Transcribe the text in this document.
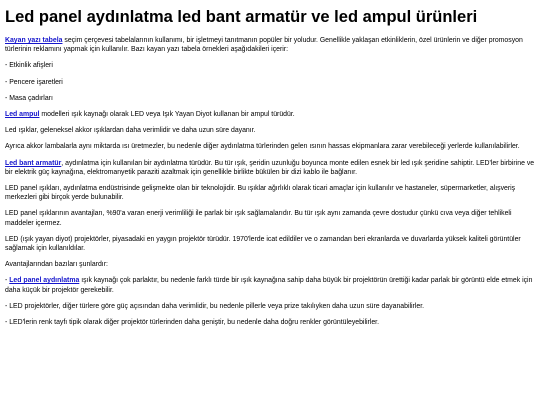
Led panel aydınlatma led bant armatür ve led ampul ürünleri

Kayan yazı tabela seçim çerçevesi tabelalarının kullanımı, bir işletmeyi tanıtmanın popüler bir yoludur. Genellikle yaklaşan etkinliklerin, özel ürünlerin ve diğer promosyon türlerinin reklamını yapmak için kullanılır. Bazı kayan yazı tabela örnekleri aşağıdakileri içerir:

- Etkinlik afişleri

- Pencere işaretleri

- Masa çadırları

Led ampul modelleri ışık kaynağı olarak LED veya Işık Yayan Diyot kullanan bir ampul türüdür.

Led ışıklar, geleneksel akkor ışıklardan daha verimlidir ve daha uzun süre dayanır.

Ayrıca akkor lambalarla aynı miktarda ısı üretmezler, bu nedenle diğer aydınlatma türlerinden gelen ısının hassas ekipmanlara zarar verebileceği yerlerde kullanılabilirler.

Led bant armatür, aydınlatma için kullanılan bir aydınlatma türüdür. Bu tür ışık, şeridin uzunluğu boyunca monte edilen esnek bir led ışık şeridine sahiptir. LED'ler birbirine ve bir elektrik güç kaynağına, elektromanyetik paraziti azaltmak için genellikle birlikte bükülen bir dizi kablo ile bağlanır.

LED panel ışıkları, aydınlatma endüstrisinde gelişmekte olan bir teknolojidir. Bu ışıklar ağırlıklı olarak ticari amaçlar için kullanılır ve hastaneler, süpermarketler, alışveriş merkezleri gibi birçok yerde bulunabilir.

LED panel ışıklarının avantajları, %90'a varan enerji verimliliği ile parlak bir ışık sağlamalarıdır. Bu tür ışık aynı zamanda çevre dostudur çünkü cıva veya diğer tehlikeli maddeler içermez.

LED (ışık yayan diyot) projektörler, piyasadaki en yaygın projektör türüdür. 1970'lerde icat edildiler ve o zamandan beri ekranlarda ve duvarlarda yüksek kaliteli görüntüler sağlamak için kullanıldılar.

Avantajlarından bazıları şunlardır:

- Led panel aydınlatma ışık kaynağı çok parlaktır, bu nedenle farklı türde bir ışık kaynağına sahip daha büyük bir projektörün ürettiği kadar parlak bir görüntü elde etmek için daha küçük bir projektör gerekebilir.

- LED projektörler, diğer türlere göre güç açısından daha verimlidir, bu nedenle pillerle veya prize takılıyken daha uzun süre dayanabilirler.

- LED'lerin renk tayfı tipik olarak diğer projektör türlerinden daha geniştir, bu nedenle daha doğru renkler görüntüleyebilirler.
